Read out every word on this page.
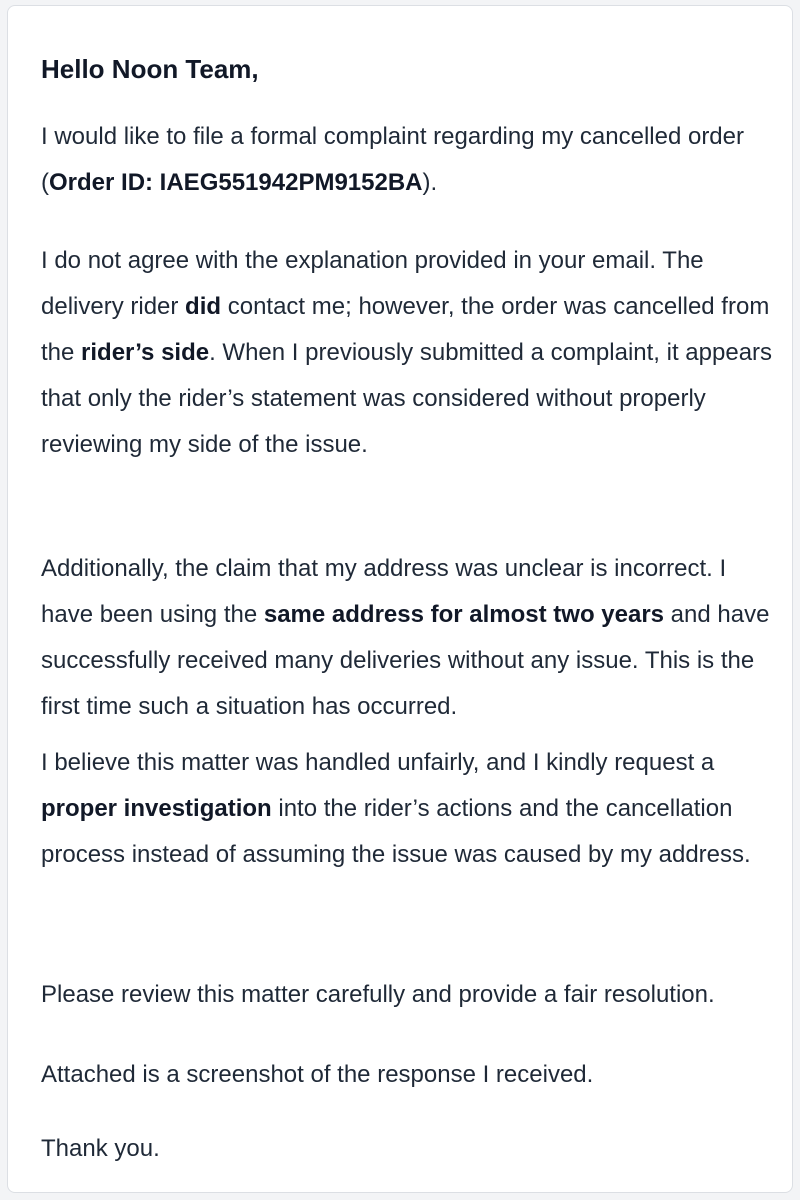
Hello Noon Team,

I would like to file a formal complaint regarding my cancelled order (Order ID: IAEG551942PM9152BA).

I do not agree with the explanation provided in your email. The delivery rider did contact me; however, the order was cancelled from the rider’s side. When I previously submitted a complaint, it appears that only the rider’s statement was considered without properly reviewing my side of the issue.

Additionally, the claim that my address was unclear is incorrect. I have been using the same address for almost two years and have successfully received many deliveries without any issue. This is the first time such a situation has occurred.

I believe this matter was handled unfairly, and I kindly request a proper investigation into the rider’s actions and the cancellation process instead of assuming the issue was caused by my address.

Please review this matter carefully and provide a fair resolution.

Attached is a screenshot of the response I received.

Thank you.
